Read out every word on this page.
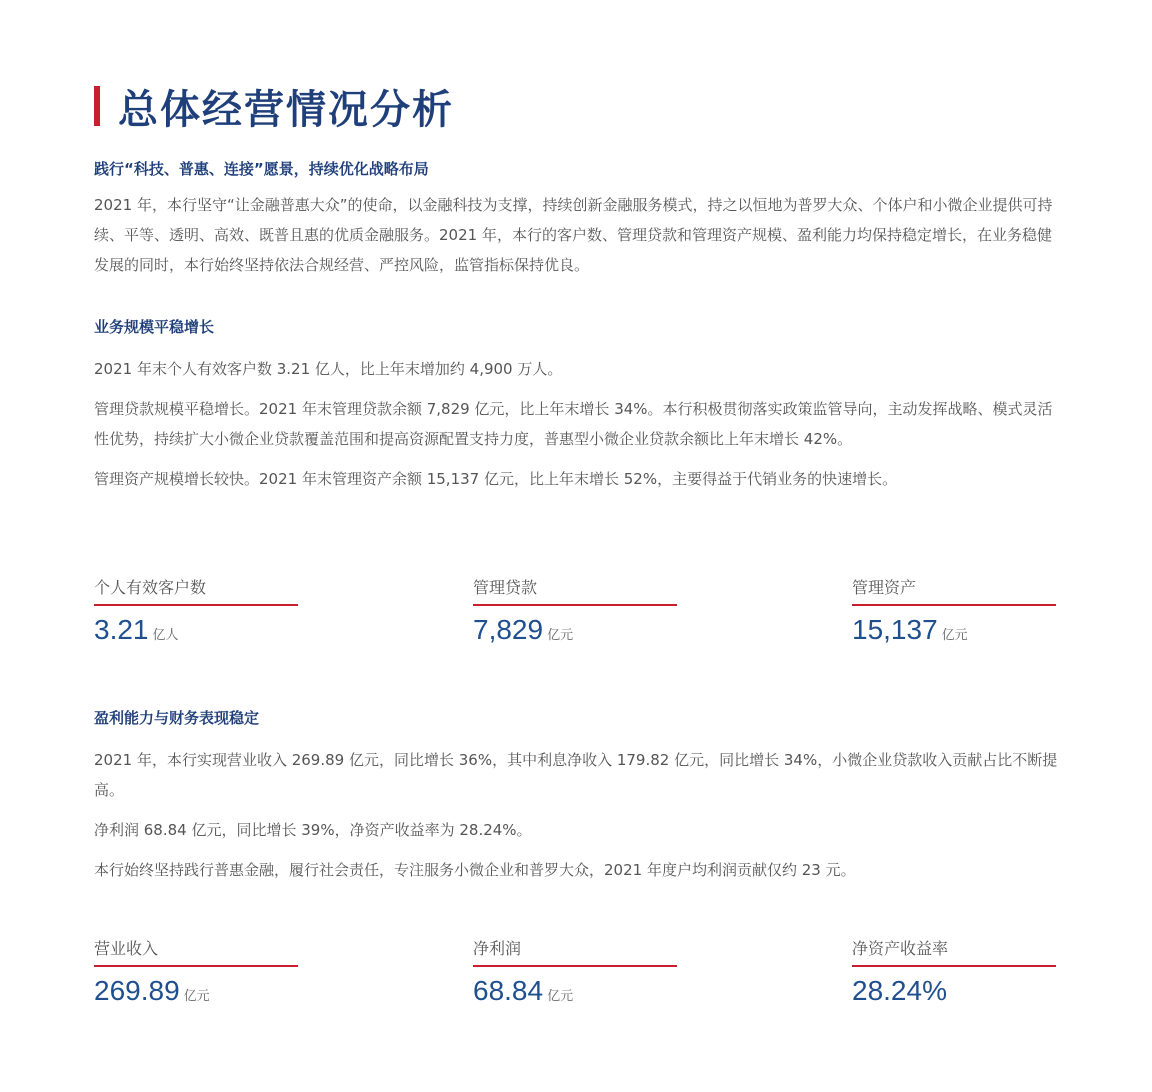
总体经营情况分析
践行“科技、普惠、连接”愿景，持续优化战略布局

2021 年，本行坚守“让金融普惠大众”的使命，以金融科技为支撑，持续创新金融服务模式，持之以恒地为普罗大众、个体户和小微企业提供可持续、平等、透明、高效、既普且惠的优质金融服务。2021 年，本行的客户数、管理贷款和管理资产规模、盈利能力均保持稳定增长，在业务稳健发展的同时，本行始终坚持依法合规经营、严控风险，监管指标保持优良。

业务规模平稳增长

2021 年末个人有效客户数 3.21 亿人，比上年末增加约 4,900 万人。

管理贷款规模平稳增长。2021 年末管理贷款余额 7,829 亿元，比上年末增长 34%。本行积极贯彻落实政策监管导向，主动发挥战略、模式灵活性优势，持续扩大小微企业贷款覆盖范围和提高资源配置支持力度，普惠型小微企业贷款余额比上年末增长 42%。

管理资产规模增长较快。2021 年末管理资产余额 15,137 亿元，比上年末增长 52%，主要得益于代销业务的快速增长。

个人有效客户数
3.21 亿人
管理贷款
7,829 亿元
管理资产
15,137 亿元
盈利能力与财务表现稳定

2021 年，本行实现营业收入 269.89 亿元，同比增长 36%，其中利息净收入 179.82 亿元，同比增长 34%，小微企业贷款收入贡献占比不断提高。

净利润 68.84 亿元，同比增长 39%，净资产收益率为 28.24%。

本行始终坚持践行普惠金融，履行社会责任，专注服务小微企业和普罗大众，2021 年度户均利润贡献仅约 23 元。

营业收入
269.89 亿元
净利润
68.84 亿元
净资产收益率
28.24%
